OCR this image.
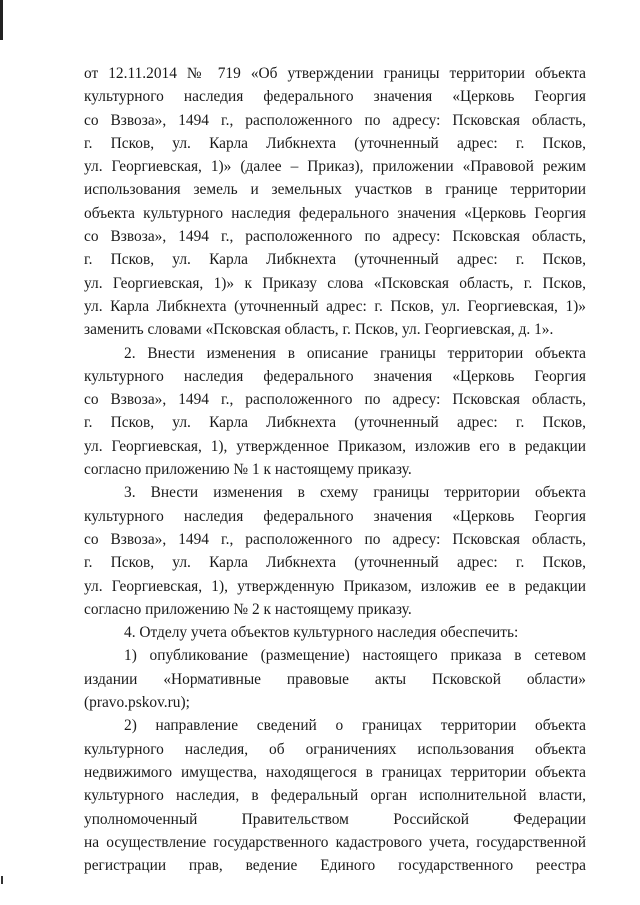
от 12.11.2014 № 719 «Об утверждении границы территории объекта
культурного наследия федерального значения «Церковь Георгия
со Взвоза», 1494 г., расположенного по адресу: Псковская область,
г. Псков, ул. Карла Либкнехта (уточненный адрес: г. Псков,
ул. Георгиевская, 1)» (далее – Приказ), приложении «Правовой режим
использования земель и земельных участков в границе территории
объекта культурного наследия федерального значения «Церковь Георгия
со Взвоза», 1494 г., расположенного по адресу: Псковская область,
г. Псков, ул. Карла Либкнехта (уточненный адрес: г. Псков,
ул. Георгиевская, 1)» к Приказу слова «Псковская область, г. Псков,
ул. Карла Либкнехта (уточненный адрес: г. Псков, ул. Георгиевская, 1)»
заменить словами «Псковская область, г. Псков, ул. Георгиевская, д. 1».
2. Внести изменения в описание границы территории объекта
культурного наследия федерального значения «Церковь Георгия
со Взвоза», 1494 г., расположенного по адресу: Псковская область,
г. Псков, ул. Карла Либкнехта (уточненный адрес: г. Псков,
ул. Георгиевская, 1), утвержденное Приказом, изложив его в редакции
согласно приложению № 1 к настоящему приказу.
3. Внести изменения в схему границы территории объекта
культурного наследия федерального значения «Церковь Георгия
со Взвоза», 1494 г., расположенного по адресу: Псковская область,
г. Псков, ул. Карла Либкнехта (уточненный адрес: г. Псков,
ул. Георгиевская, 1), утвержденную Приказом, изложив ее в редакции
согласно приложению № 2 к настоящему приказу.
4. Отделу учета объектов культурного наследия обеспечить:
1) опубликование (размещение) настоящего приказа в сетевом
издании «Нормативные правовые акты Псковской области»
(pravo.pskov.ru);
2) направление сведений о границах территории объекта
культурного наследия, об ограничениях использования объекта
недвижимого имущества, находящегося в границах территории объекта
культурного наследия, в федеральный орган исполнительной власти,
уполномоченный Правительством Российской Федерации
на осуществление государственного кадастрового учета, государственной
регистрации прав, ведение Единого государственного реестра
